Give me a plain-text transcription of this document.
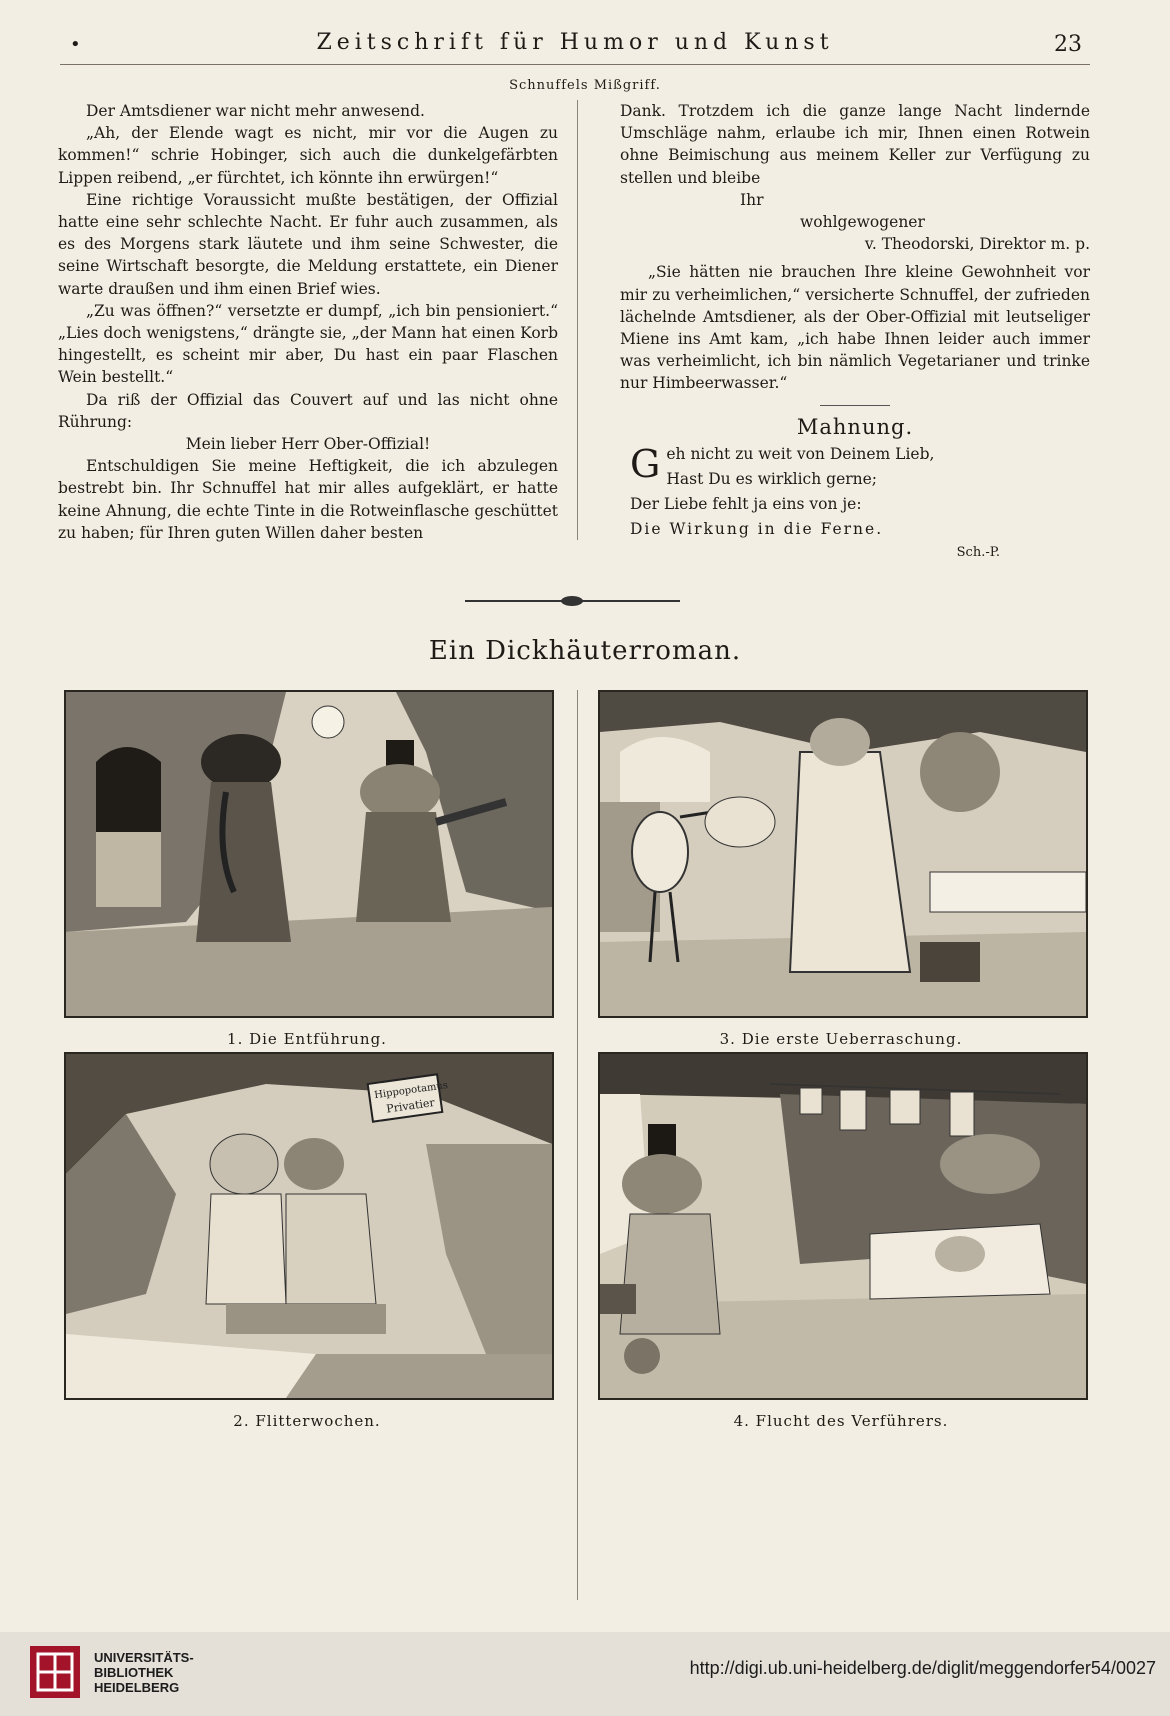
•	Zeitschrift für Humor und Kunst	23
Schnuffels Mißgriff.

Der Amtsdiener war nicht mehr anwesend.

„Ah, der Elende wagt es nicht, mir vor die Augen zu kommen!“ schrie Hobinger, sich auch die dunkelgefärbten Lippen reibend, „er fürchtet, ich könnte ihn erwürgen!“

Eine richtige Voraussicht mußte bestätigen, der Offizial hatte eine sehr schlechte Nacht. Er fuhr auch zusammen, als es des Morgens stark läutete und ihm seine Schwester, die seine Wirtschaft besorgte, die Meldung erstattete, ein Diener warte draußen und ihm einen Brief wies.

„Zu was öffnen?“ versetzte er dumpf, „ich bin pensioniert.“ „Lies doch wenigstens,“ drängte sie, „der Mann hat einen Korb hingestellt, es scheint mir aber, Du hast ein paar Flaschen Wein bestellt.“

Da riß der Offizial das Couvert auf und las nicht ohne Rührung:

Mein lieber Herr Ober-Offizial!

Entschuldigen Sie meine Heftigkeit, die ich abzulegen bestrebt bin. Ihr Schnuffel hat mir alles aufgeklärt, er hatte keine Ahnung, die echte Tinte in die Rotweinflasche geschüttet zu haben; für Ihren guten Willen daher besten

Dank. Trotzdem ich die ganze lange Nacht lindernde Umschläge nahm, erlaube ich mir, Ihnen einen Rotwein ohne Beimischung aus meinem Keller zur Verfügung zu stellen und bleibe

Ihr

wohlgewogener

v. Theodorski, Direktor m. p.

„Sie hätten nie brauchen Ihre kleine Gewohnheit vor mir zu verheimlichen,“ versicherte Schnuffel, der zufrieden lächelnde Amtsdiener, als der Ober-Offizial mit leutseliger Miene ins Amt kam, „ich habe Ihnen leider auch immer was verheimlicht, ich bin nämlich Vegetarianer und trinke nur Himbeerwasser.“

Mahnung.
G eh nicht zu weit von Deinem Lieb,
Hast Du es wirklich gerne;
Der Liebe fehlt ja eins von je:
Die Wirkung in die Ferne.
Sch.-P.
Ein Dickhäuterroman.
1. Die Entführung.	3. Die erste Ueberraschung.
Hippopotamus
Privatier
2. Flitterwochen.	4. Flucht des Verführers.
UNIVERSITÄTS-
BIBLIOTHEK
HEIDELBERG
http://digi.ub.uni-heidelberg.de/diglit/meggendorfer54/0027
